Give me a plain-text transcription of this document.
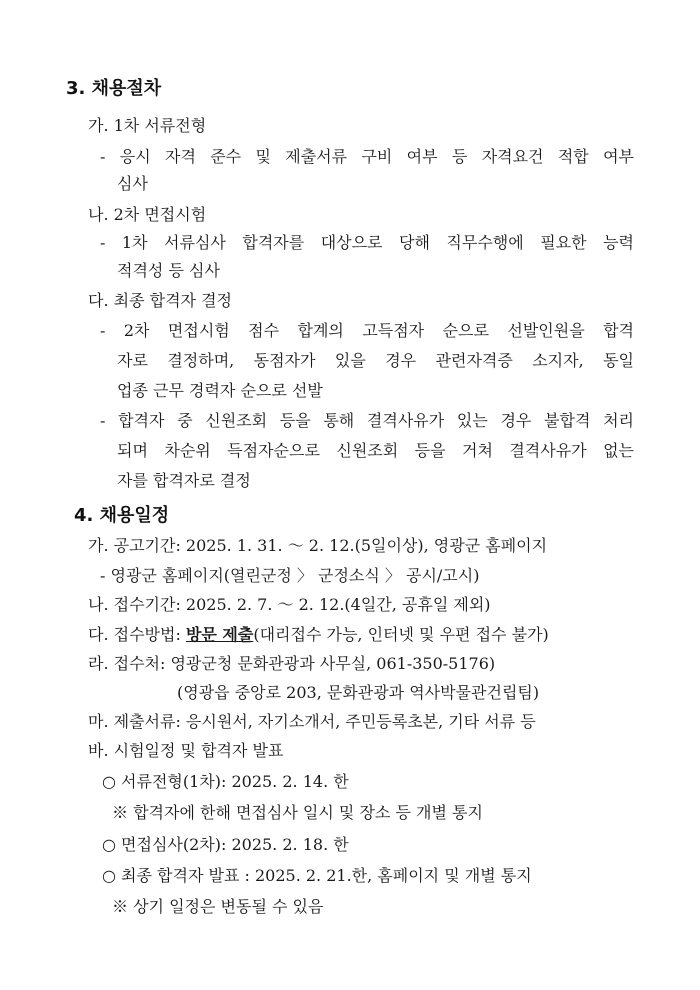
3. 채용절차
가. 1차 서류전형
- 응시 자격 준수 및 제출서류 구비 여부 등 자격요건 적합 여부
심사
나. 2차 면접시험
- 1차 서류심사 합격자를 대상으로 당해 직무수행에 필요한 능력
적격성 등 심사
다. 최종 합격자 결정
- 2차 면접시험 점수 합계의 고득점자 순으로 선발인원을 합격
자로 결정하며, 동점자가 있을 경우 관련자격증 소지자, 동일
업종 근무 경력자 순으로 선발
- 합격자 중 신원조회 등을 통해 결격사유가 있는 경우 불합격 처리
되며 차순위 득점자순으로 신원조회 등을 거쳐 결격사유가 없는
자를 합격자로 결정
4. 채용일정
가. 공고기간: 2025. 1. 31. ～ 2. 12.(5일이상), 영광군 홈페이지
- 영광군 홈페이지(열린군정 〉 군정소식 〉 공시/고시)
나. 접수기간: 2025. 2. 7. ～ 2. 12.(4일간, 공휴일 제외)
다. 접수방법: 방문 제출(대리접수 가능, 인터넷 및 우편 접수 불가)
라. 접수처: 영광군청 문화관광과 사무실, 061-350-5176)
(영광읍 중앙로 203, 문화관광과 역사박물관건립팀)
마. 제출서류: 응시원서, 자기소개서, 주민등록초본, 기타 서류 등
바. 시험일정 및 합격자 발표
○ 서류전형(1차): 2025. 2. 14. 한
※ 합격자에 한해 면접심사 일시 및 장소 등 개별 통지
○ 면접심사(2차): 2025. 2. 18. 한
○ 최종 합격자 발표 : 2025. 2. 21.한, 홈페이지 및 개별 통지
※ 상기 일정은 변동될 수 있음
